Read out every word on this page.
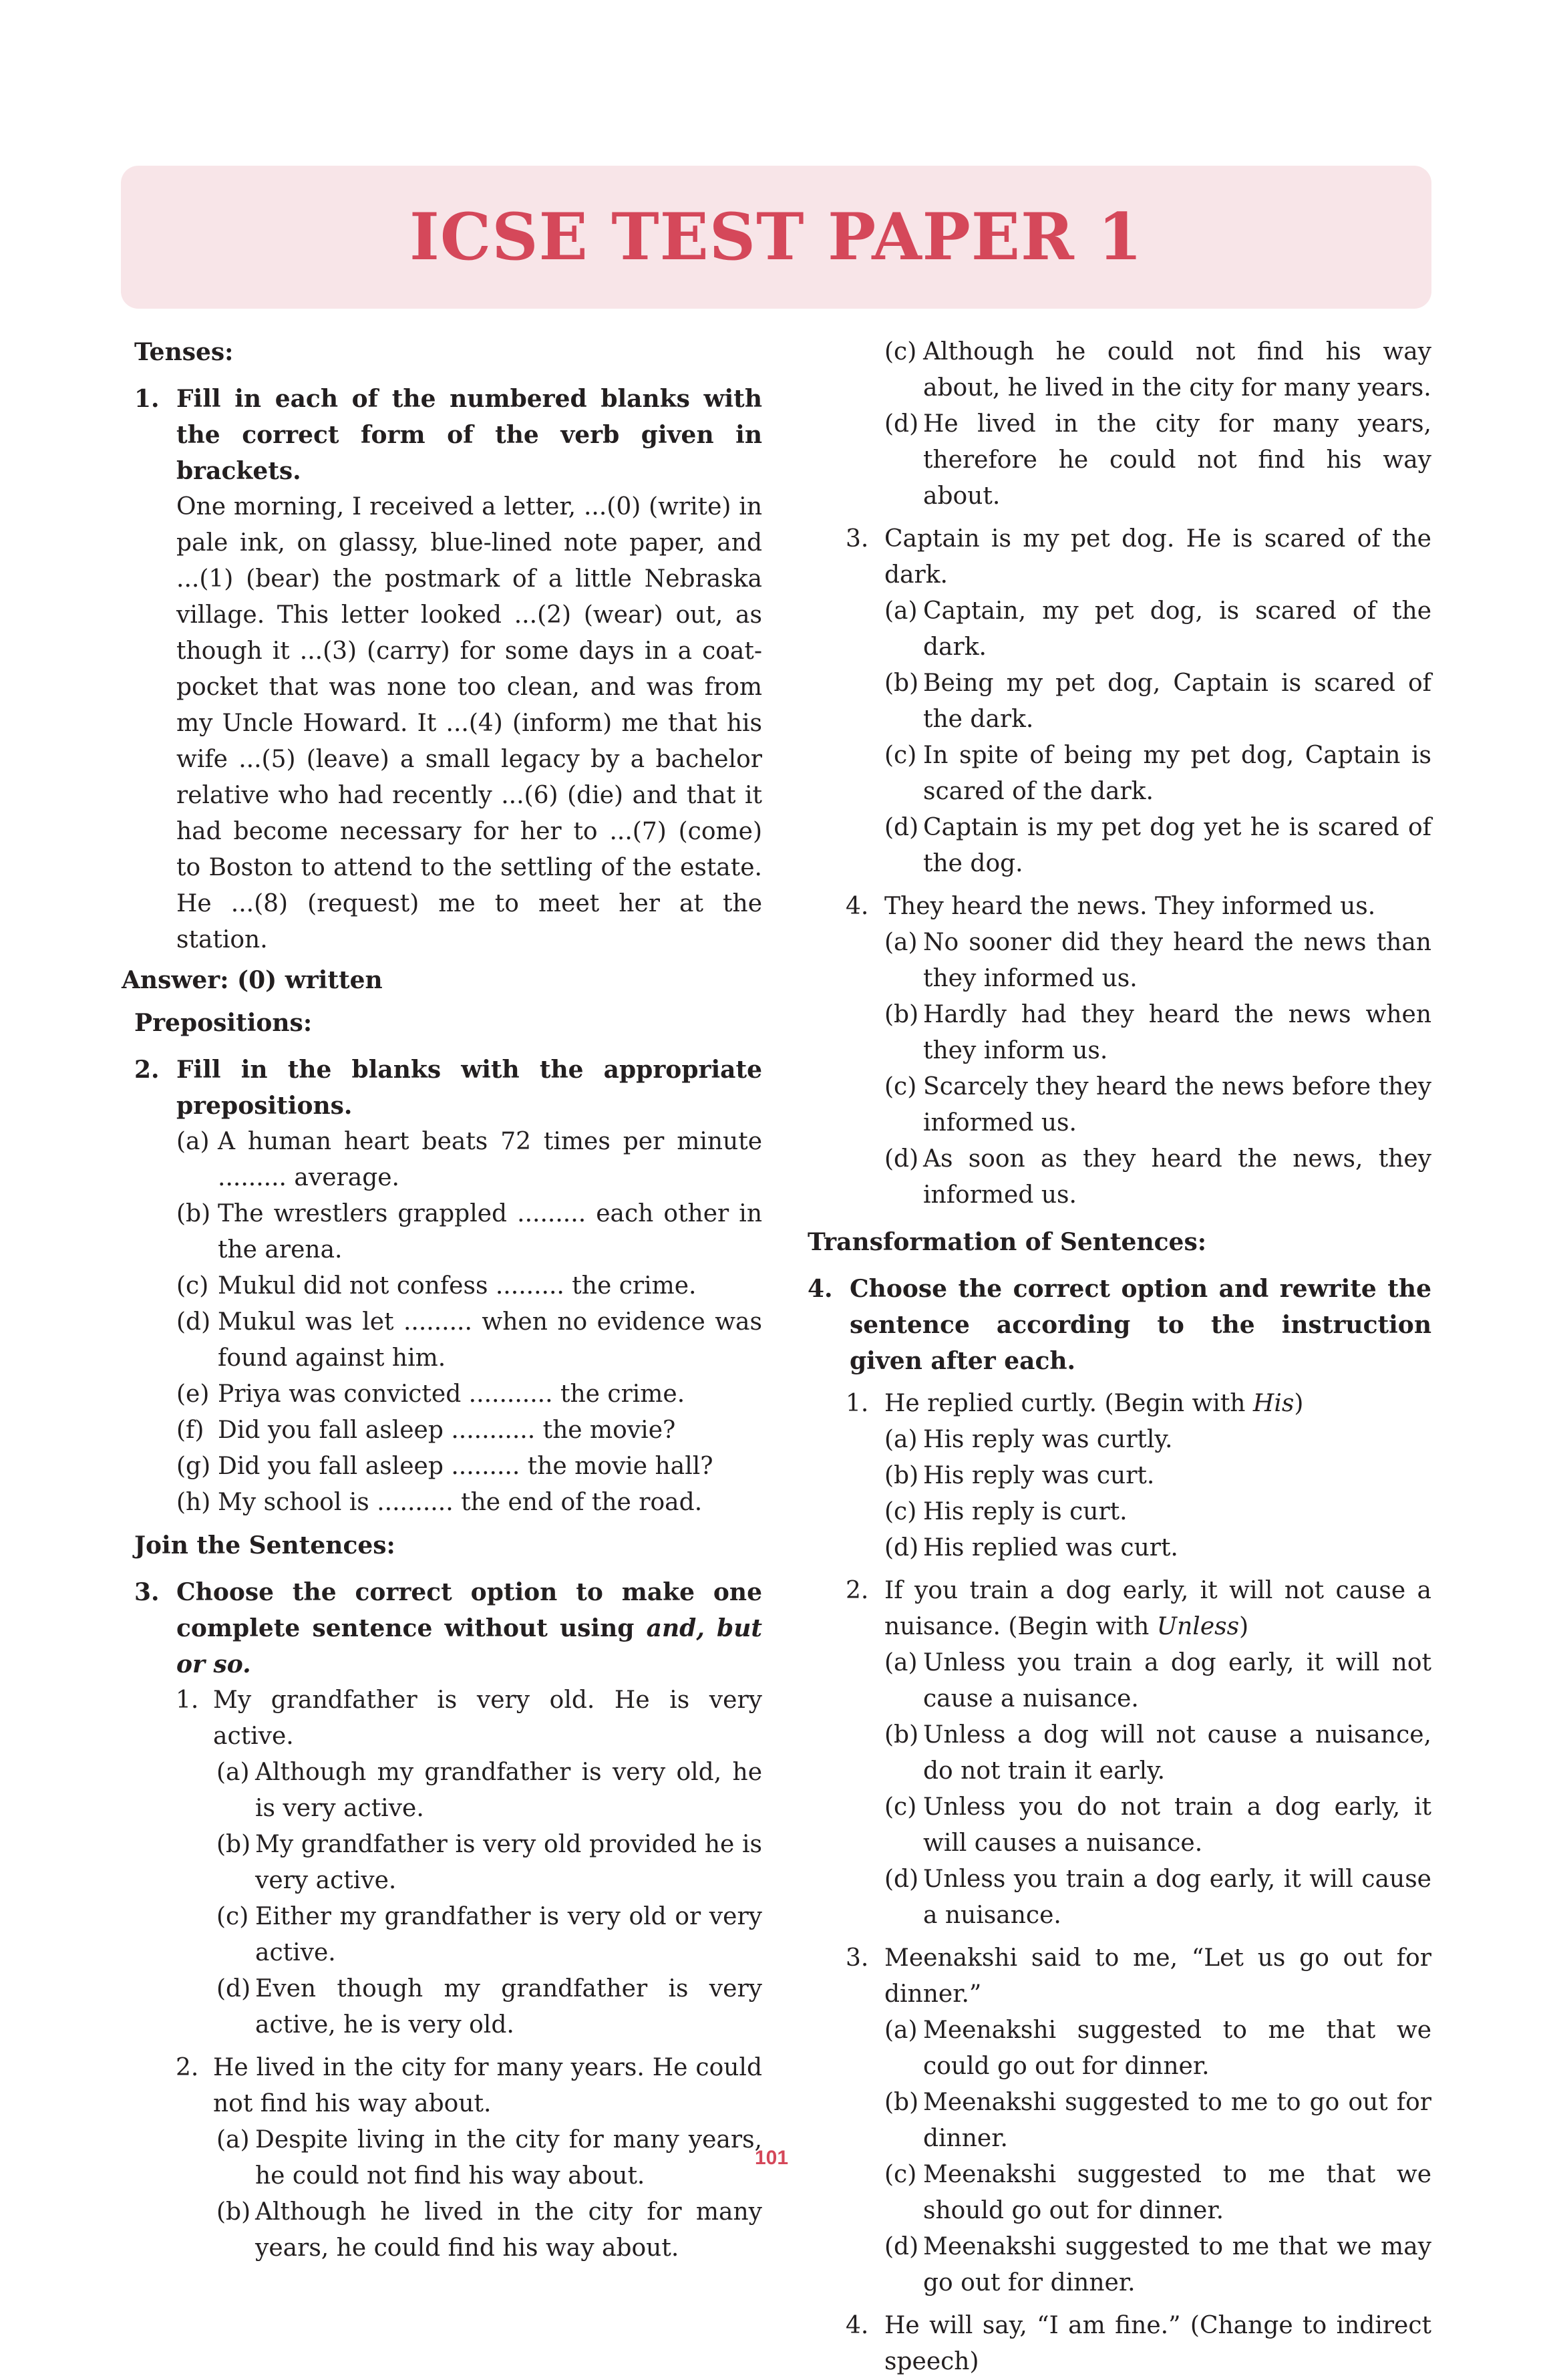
ICSE TEST PAPER 1
Tenses:
1. Fill in each of the numbered blanks with the correct form of the verb given in brackets.
One morning, I received a letter, ...(0) (write) in pale ink, on glassy, blue-lined note paper, and ...(1) (bear) the postmark of a little Nebraska village. This letter looked ...(2) (wear) out, as though it ...(3) (carry) for some days in a coat-pocket that was none too clean, and was from my Uncle Howard. It ...(4) (inform) me that his wife ...(5) (leave) a small legacy by a bachelor relative who had recently ...(6) (die) and that it had become necessary for her to ...(7) (come) to Boston to attend to the settling of the estate. He ...(8) (request) me to meet her at the station.
Answer: (0) written
Prepositions:
2. Fill in the blanks with the appropriate prepositions.
(a) A human heart beats 72 times per minute ......... average.
(b) The wrestlers grappled ......... each other in the arena.
(c) Mukul did not confess ......... the crime.
(d) Mukul was let ......... when no evidence was found against him.
(e) Priya was convicted ........... the crime.
(f) Did you fall asleep ........... the movie?
(g) Did you fall asleep ......... the movie hall?
(h) My school is .......... the end of the road.
Join the Sentences:
3. Choose the correct option to make one complete sentence without using and, but or so.
1. My grandfather is very old. He is very active.
(a) Although my grandfather is very old, he is very active.
(b) My grandfather is very old provided he is very active.
(c) Either my grandfather is very old or very active.
(d) Even though my grandfather is very active, he is very old.
2. He lived in the city for many years. He could not find his way about.
(a) Despite living in the city for many years, he could not find his way about.
(b) Although he lived in the city for many years, he could find his way about.
(c) Although he could not find his way about, he lived in the city for many years.
(d) He lived in the city for many years, therefore he could not find his way about.
3. Captain is my pet dog. He is scared of the dark.
(a) Captain, my pet dog, is scared of the dark.
(b) Being my pet dog, Captain is scared of the dark.
(c) In spite of being my pet dog, Captain is scared of the dark.
(d) Captain is my pet dog yet he is scared of the dog.
4. They heard the news. They informed us.
(a) No sooner did they heard the news than they informed us.
(b) Hardly had they heard the news when they inform us.
(c) Scarcely they heard the news before they informed us.
(d) As soon as they heard the news, they informed us.
Transformation of Sentences:
4. Choose the correct option and rewrite the sentence according to the instruction given after each.
1. He replied curtly. (Begin with His)
(a) His reply was curtly.
(b) His reply was curt.
(c) His reply is curt.
(d) His replied was curt.
2. If you train a dog early, it will not cause a nuisance. (Begin with Unless)
(a) Unless you train a dog early, it will not cause a nuisance.
(b) Unless a dog will not cause a nuisance, do not train it early.
(c) Unless you do not train a dog early, it will causes a nuisance.
(d) Unless you train a dog early, it will cause a nuisance.
3. Meenakshi said to me, “Let us go out for dinner.”
(a) Meenakshi suggested to me that we could go out for dinner.
(b) Meenakshi suggested to me to go out for dinner.
(c) Meenakshi suggested to me that we should go out for dinner.
(d) Meenakshi suggested to me that we may go out for dinner.
4. He will say, “I am fine.” (Change to indirect speech)
101
